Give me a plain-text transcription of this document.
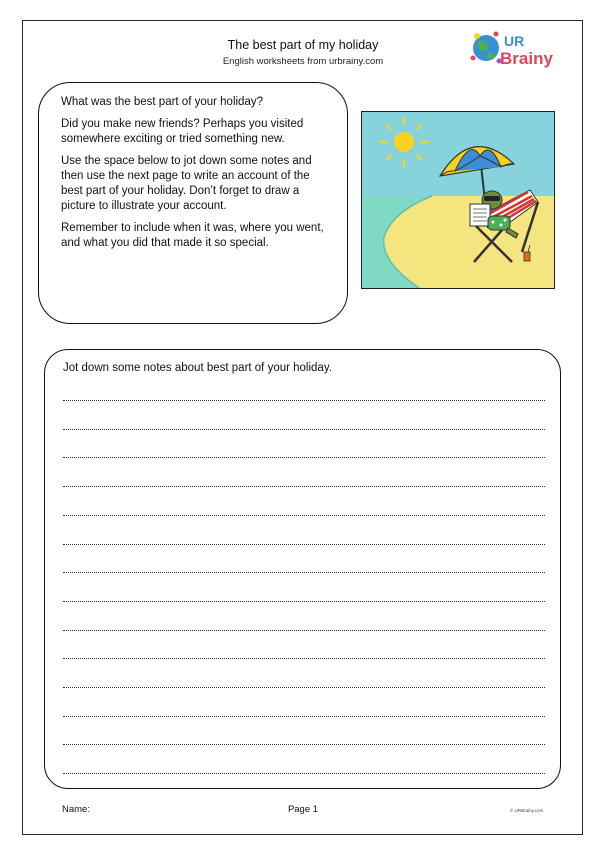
The best part of my holiday
English worksheets from urbrainy.com
UR
Brainy

What was the best part of your holiday?

Did you make new friends? Perhaps you visited somewhere exciting or tried something new.

Use the space below to jot down some notes and then use the next page to write an account of the best part of your holiday. Don’t forget to draw a picture to illustrate your account.

Remember to include when it was, where you went, and what you did that made it so special.

Jot down some notes about best part of your holiday.
Name:	Page 1	© URBrainy.com
